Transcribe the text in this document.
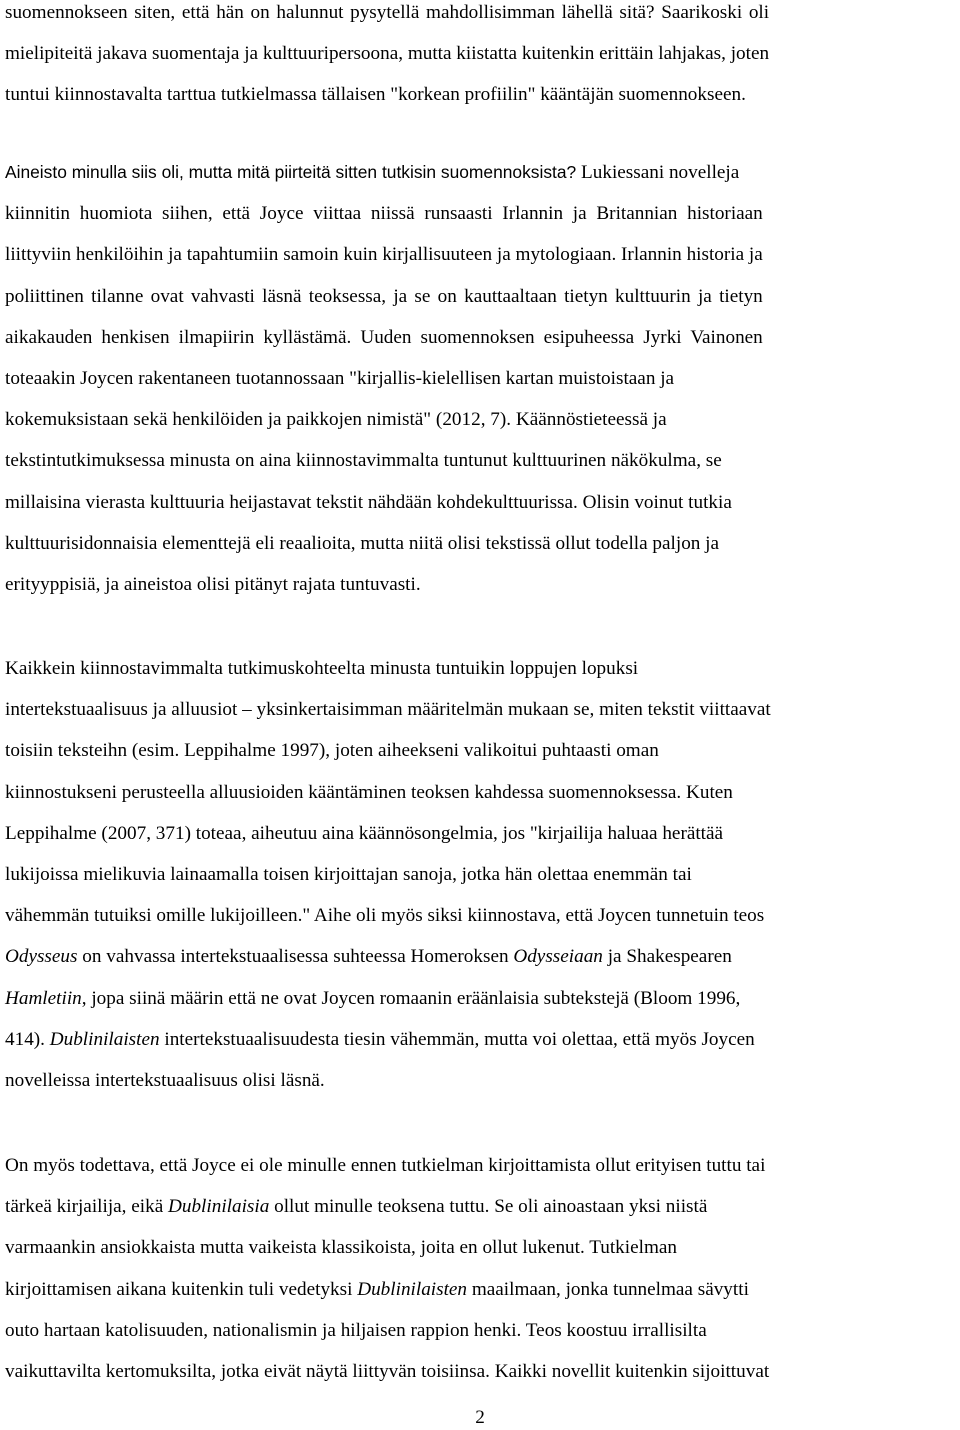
suomennokseen siten, että hän on halunnut pysytellä mahdollisimman lähellä sitä? Saarikoski oli
mielipiteitä jakava suomentaja ja kulttuuripersoona, mutta kiistatta kuitenkin erittäin lahjakas, joten
tuntui kiinnostavalta tarttua tutkielmassa tällaisen "korkean profiilin" kääntäjän suomennokseen.
Aineisto minulla siis oli, mutta mitä piirteitä sitten tutkisin suomennoksista? Lukiessani novelleja
kiinnitin huomiota siihen, että Joyce viittaa niissä runsaasti Irlannin ja Britannian historiaan
liittyviin henkilöihin ja tapahtumiin samoin kuin kirjallisuuteen ja mytologiaan. Irlannin historia ja
poliittinen tilanne ovat vahvasti läsnä teoksessa, ja se on kauttaaltaan tietyn kulttuurin ja tietyn
aikakauden henkisen ilmapiirin kyllästämä. Uuden suomennoksen esipuheessa Jyrki Vainonen
toteaakin Joycen rakentaneen tuotannossaan "kirjallis-kielellisen kartan muistoistaan ja
kokemuksistaan sekä henkilöiden ja paikkojen nimistä" (2012, 7). Käännöstieteessä ja
tekstintutkimuksessa minusta on aina kiinnostavimmalta tuntunut kulttuurinen näkökulma, se
millaisina vierasta kulttuuria heijastavat tekstit nähdään kohdekulttuurissa. Olisin voinut tutkia
kulttuurisidonnaisia elementtejä eli reaalioita, mutta niitä olisi tekstissä ollut todella paljon ja
erityyppisiä, ja aineistoa olisi pitänyt rajata tuntuvasti.
Kaikkein kiinnostavimmalta tutkimuskohteelta minusta tuntuikin loppujen lopuksi
intertekstuaalisuus ja alluusiot – yksinkertaisimman määritelmän mukaan se, miten tekstit viittaavat
toisiin teksteihn (esim. Leppihalme 1997), joten aiheekseni valikoitui puhtaasti oman
kiinnostukseni perusteella alluusioiden kääntäminen teoksen kahdessa suomennoksessa. Kuten
Leppihalme (2007, 371) toteaa, aiheutuu aina käännösongelmia, jos "kirjailija haluaa herättää
lukijoissa mielikuvia lainaamalla toisen kirjoittajan sanoja, jotka hän olettaa enemmän tai
vähemmän tutuiksi omille lukijoilleen." Aihe oli myös siksi kiinnostava, että Joycen tunnetuin teos
Odysseus on vahvassa intertekstuaalisessa suhteessa Homeroksen Odysseiaan ja Shakespearen
Hamletiin, jopa siinä määrin että ne ovat Joycen romaanin eräänlaisia subtekstejä (Bloom 1996,
414). Dublinilaisten intertekstuaalisuudesta tiesin vähemmän, mutta voi olettaa, että myös Joycen
novelleissa intertekstuaalisuus olisi läsnä.
On myös todettava, että Joyce ei ole minulle ennen tutkielman kirjoittamista ollut erityisen tuttu tai
tärkeä kirjailija, eikä Dublinilaisia ollut minulle teoksena tuttu. Se oli ainoastaan yksi niistä
varmaankin ansiokkaista mutta vaikeista klassikoista, joita en ollut lukenut. Tutkielman
kirjoittamisen aikana kuitenkin tuli vedetyksi Dublinilaisten maailmaan, jonka tunnelmaa sävytti
outo hartaan katolisuuden, nationalismin ja hiljaisen rappion henki. Teos koostuu irrallisilta
vaikuttavilta kertomuksilta, jotka eivät näytä liittyvän toisiinsa. Kaikki novellit kuitenkin sijoittuvat
2
